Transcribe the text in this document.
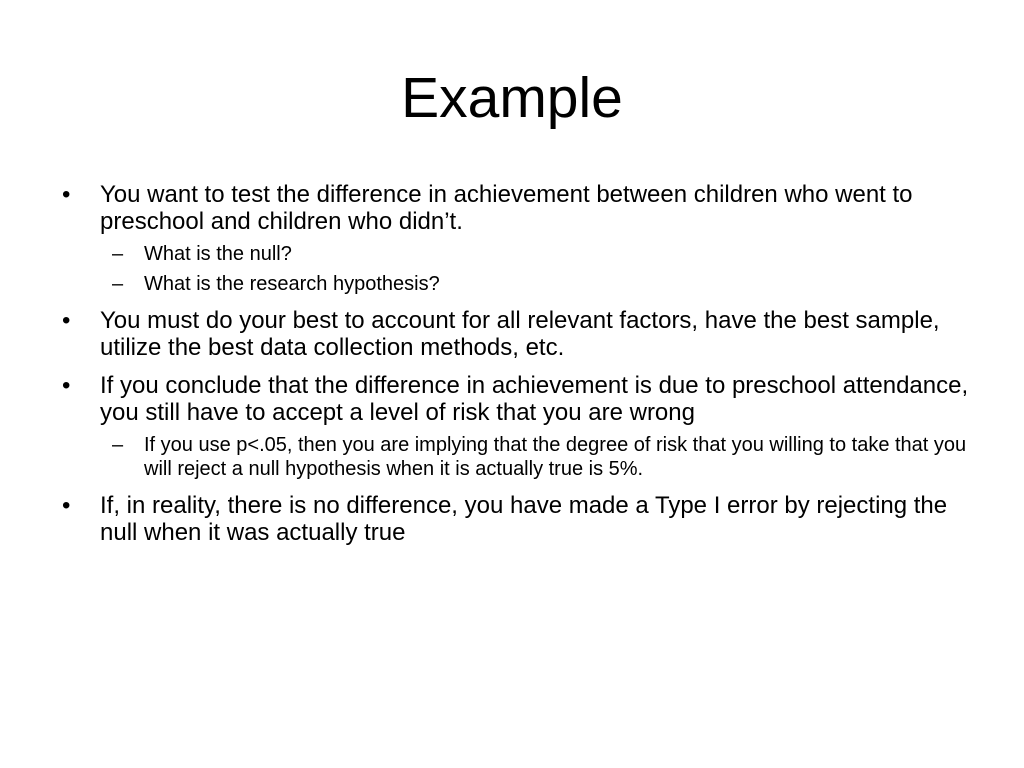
Example
•	You want to test the difference in achievement between children who went to preschool and children who didn’t.
– What is the null?
– What is the research hypothesis?
•	You must do your best to account for all relevant factors, have the best sample, utilize the best data collection methods, etc.
•	If you conclude that the difference in achievement is due to preschool attendance, you still have to accept a level of risk that you are wrong
– If you use p<.05, then you are implying that the degree of risk that you willing to take that you will reject a null hypothesis when it is actually true is 5%.
•	If, in reality, there is no difference, you have made a Type I error by rejecting the null when it was actually true
